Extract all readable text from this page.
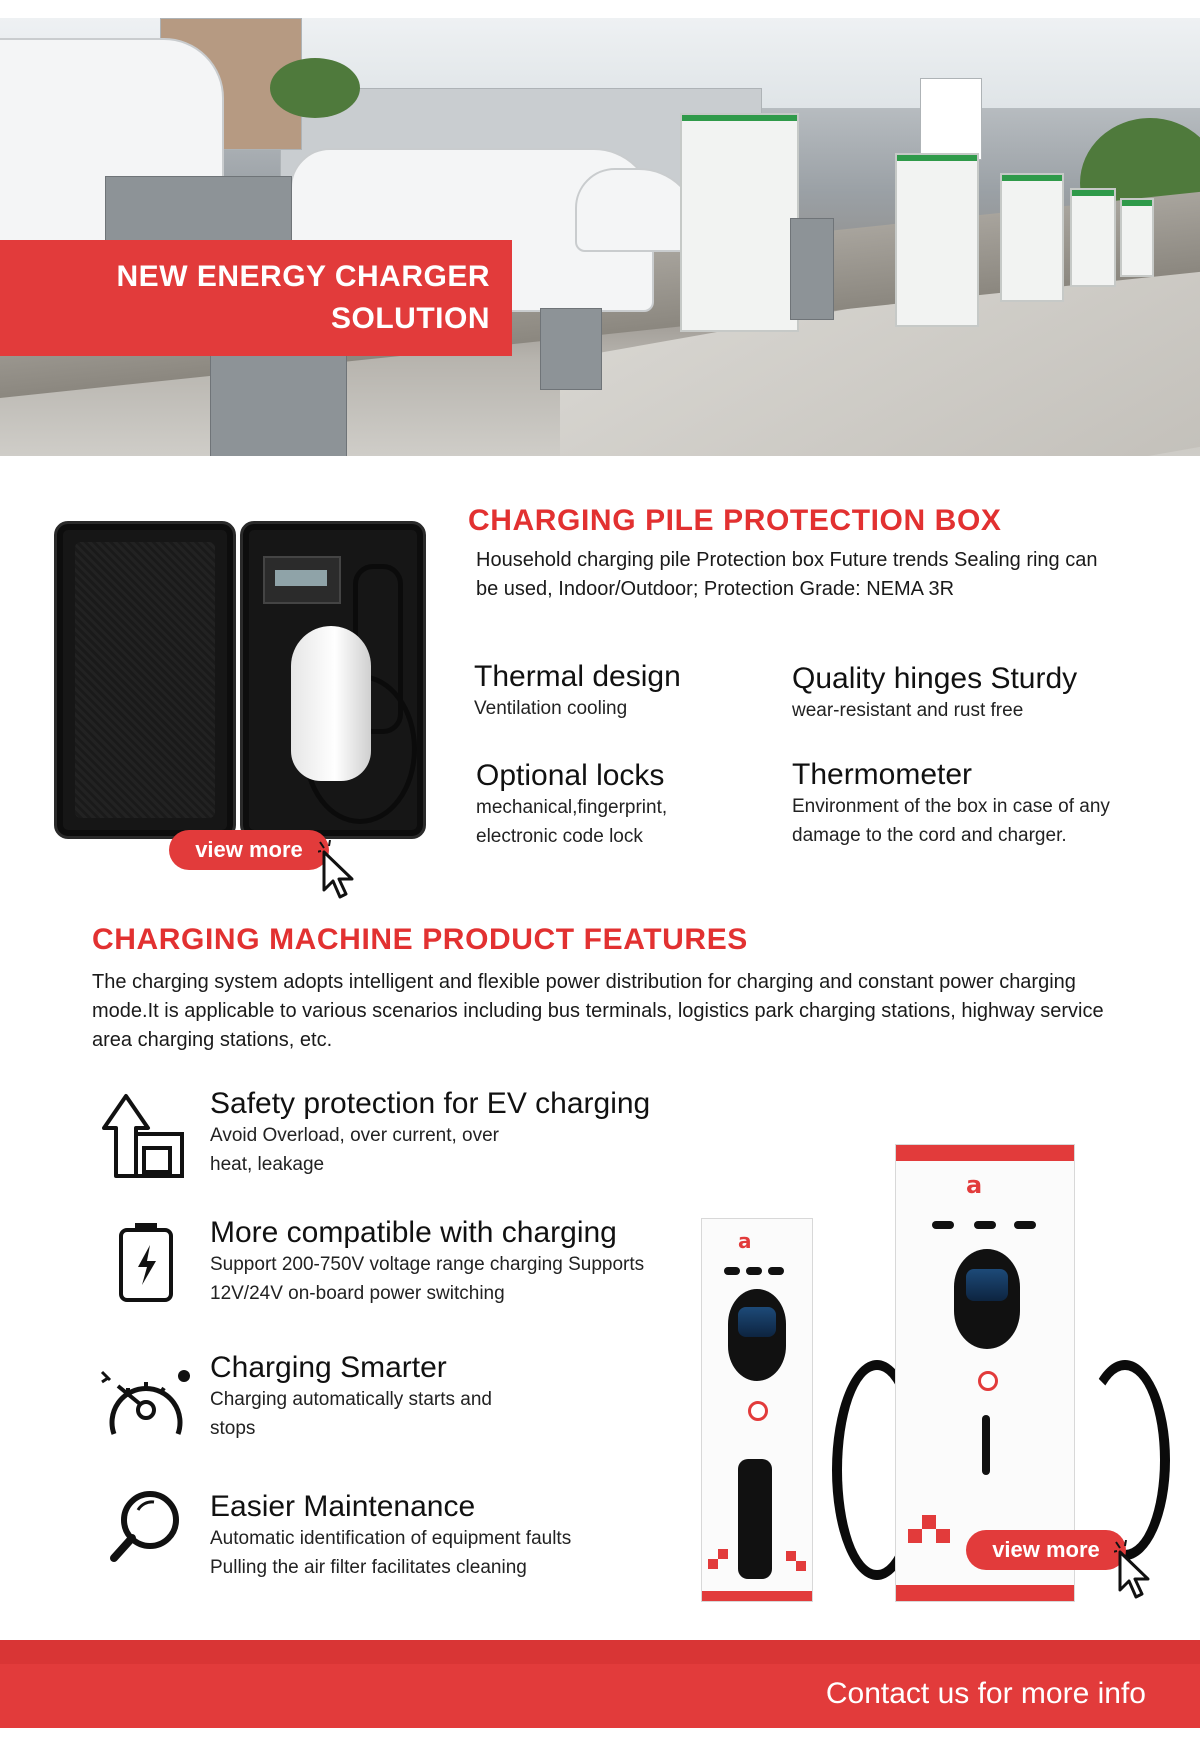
NEW ENERGY CHARGER
SOLUTION
view more
CHARGING PILE PROTECTION BOX
Household charging pile Protection box Future trends Sealing ring can be used, Indoor/Outdoor; Protection Grade: NEMA 3R
Thermal design
Ventilation cooling
Quality hinges Sturdy
wear-resistant and rust free
Optional locks
mechanical,fingerprint, electronic code lock
Thermometer
Environment of the box in case of any damage to the cord and charger.
CHARGING MACHINE PRODUCT FEATURES
The charging system adopts intelligent and flexible power distribution for charging and constant power charging mode.It is applicable to various scenarios including bus terminals, logistics park charging stations, highway service area charging stations, etc.
Safety protection for EV charging
Avoid Overload, over current, over heat, leakage
More compatible with charging
Support 200-750V voltage range charging Supports 12V/24V on-board power switching
Charging Smarter
Charging automatically starts and stops
Easier Maintenance
Automatic identification of equipment faults Pulling the air filter facilitates cleaning
a
a
view more
Contact us for more info
